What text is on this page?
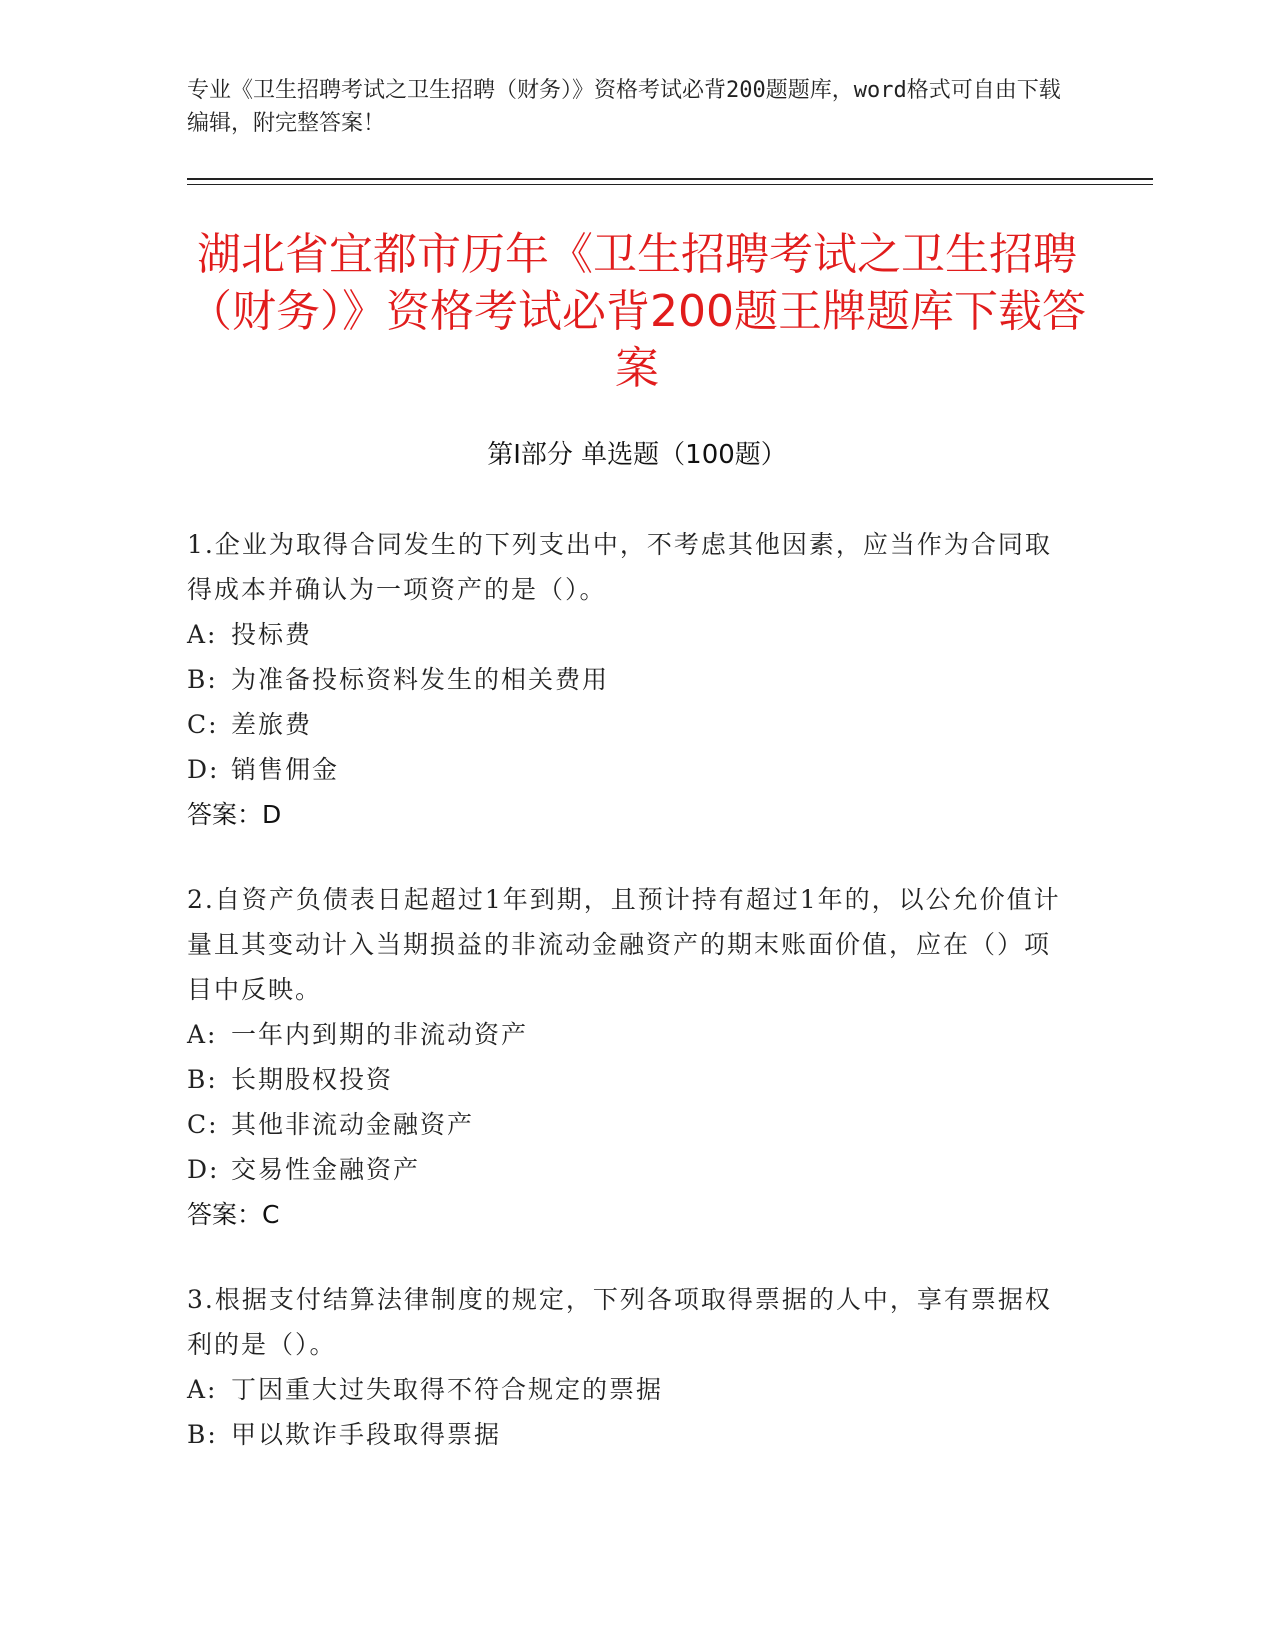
专业《卫生招聘考试之卫生招聘（财务）》资格考试必背200题题库，word格式可自由下载编辑，附完整答案！
湖北省宜都市历年《卫生招聘考试之卫生招聘（财务）》资格考试必背200题王牌题库下载答案
第Ⅰ部分 单选题（100题）
1.企业为取得合同发生的下列支出中，不考虑其他因素，应当作为合同取得成本并确认为一项资产的是（）。
A: 投标费
B: 为准备投标资料发生的相关费用
C: 差旅费
D: 销售佣金
答案：D
2.自资产负债表日起超过1年到期，且预计持有超过1年的，以公允价值计量且其变动计入当期损益的非流动金融资产的期末账面价值，应在（）项目中反映。
A: 一年内到期的非流动资产
B: 长期股权投资
C: 其他非流动金融资产
D: 交易性金融资产
答案：C
3.根据支付结算法律制度的规定，下列各项取得票据的人中，享有票据权利的是（）。
A: 丁因重大过失取得不符合规定的票据
B: 甲以欺诈手段取得票据
